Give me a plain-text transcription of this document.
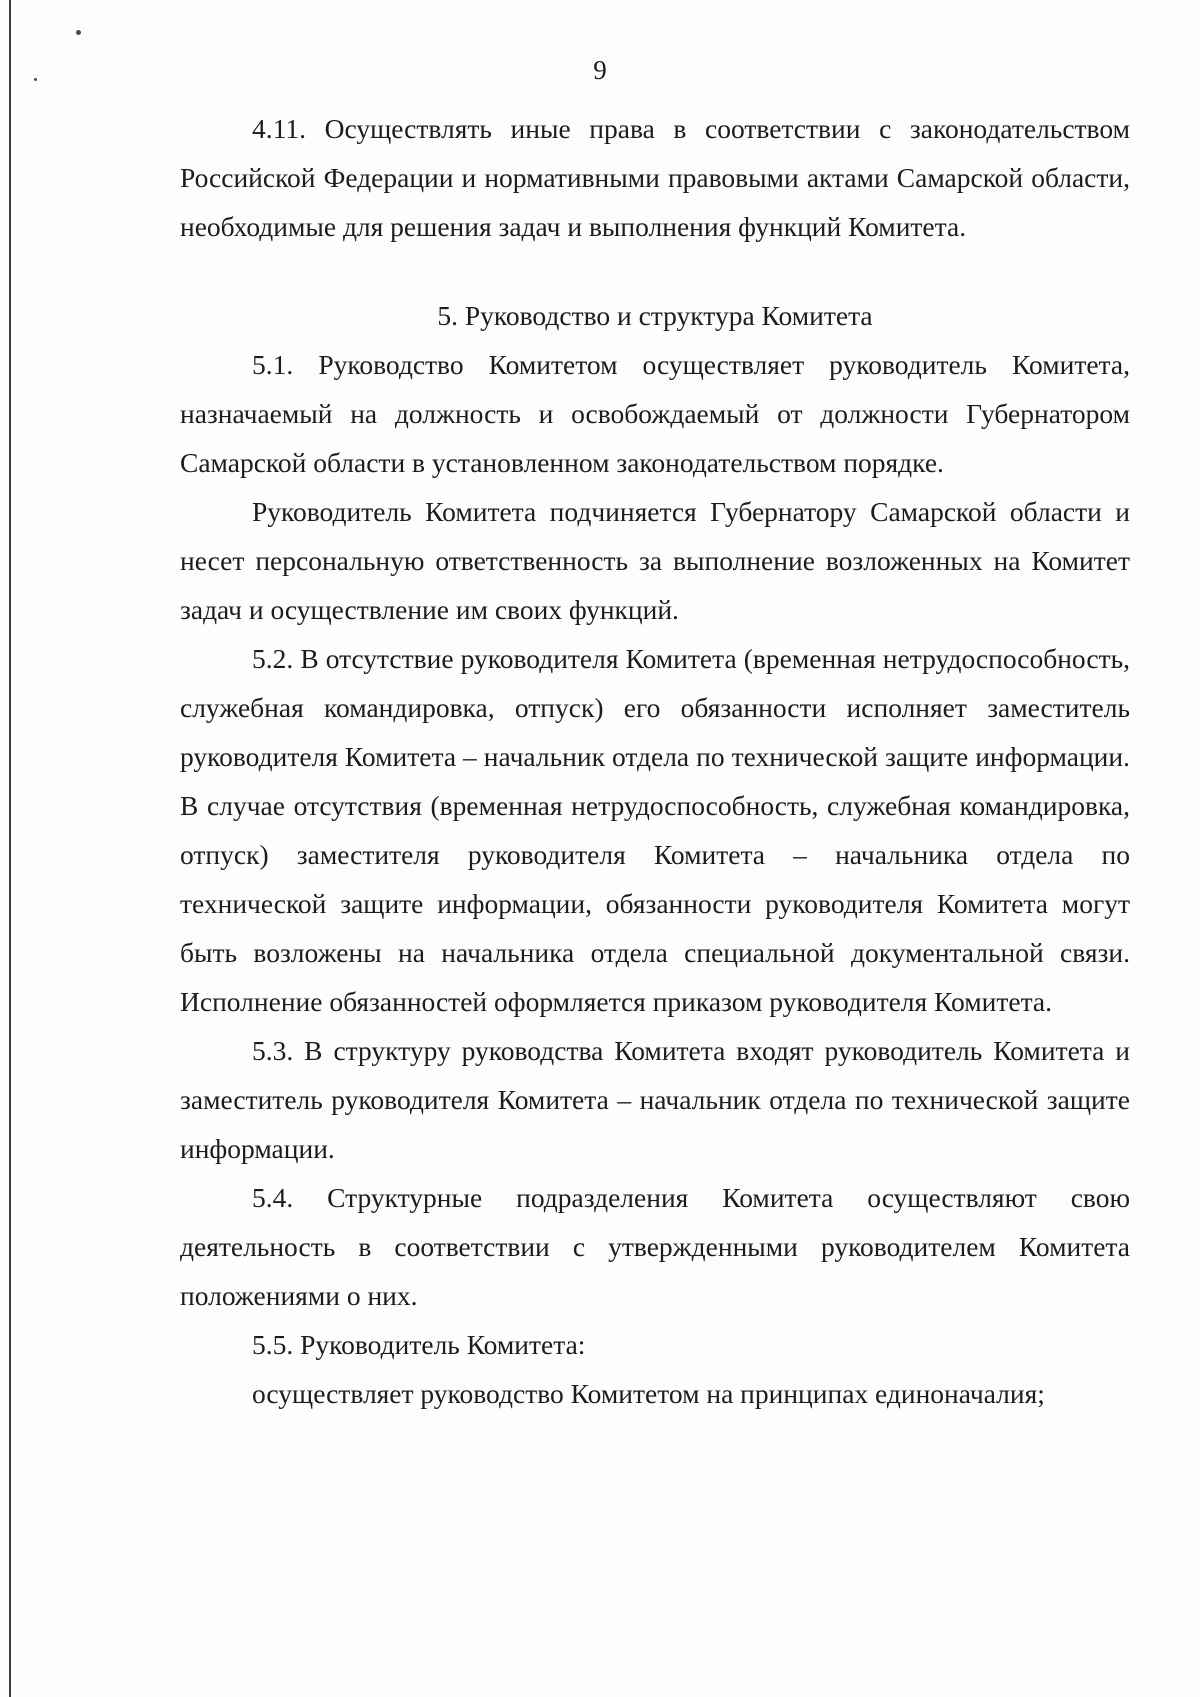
9

4.11. Осуществлять иные права в соответствии с законодательством Российской Федерации и нормативными правовыми актами Самарской области, необходимые для решения задач и выполнения функций Комитета.

5. Руководство и структура Комитета

5.1. Руководство Комитетом осуществляет руководитель Комитета, назначаемый на должность и освобождаемый от должности Губернатором Самарской области в установленном законодательством порядке.

Руководитель Комитета подчиняется Губернатору Самарской области и несет персональную ответственность за выполнение возложенных на Комитет задач и осуществление им своих функций.

5.2. В отсутствие руководителя Комитета (временная нетрудоспособность, служебная командировка, отпуск) его обязанности исполняет заместитель руководителя Комитета – начальник отдела по технической защите информации. В случае отсутствия (временная нетрудоспособность, служебная командировка, отпуск) заместителя руководителя Комитета – начальника отдела по технической защите информации, обязанности руководителя Комитета могут быть возложены на начальника отдела специальной документальной связи. Исполнение обязанностей оформляется приказом руководителя Комитета.

5.3. В структуру руководства Комитета входят руководитель Комитета и заместитель руководителя Комитета – начальник отдела по технической защите информации.

5.4. Структурные подразделения Комитета осуществляют свою деятельность в соответствии с утвержденными руководителем Комитета положениями о них.

5.5. Руководитель Комитета:

осуществляет руководство Комитетом на принципах единоначалия;
